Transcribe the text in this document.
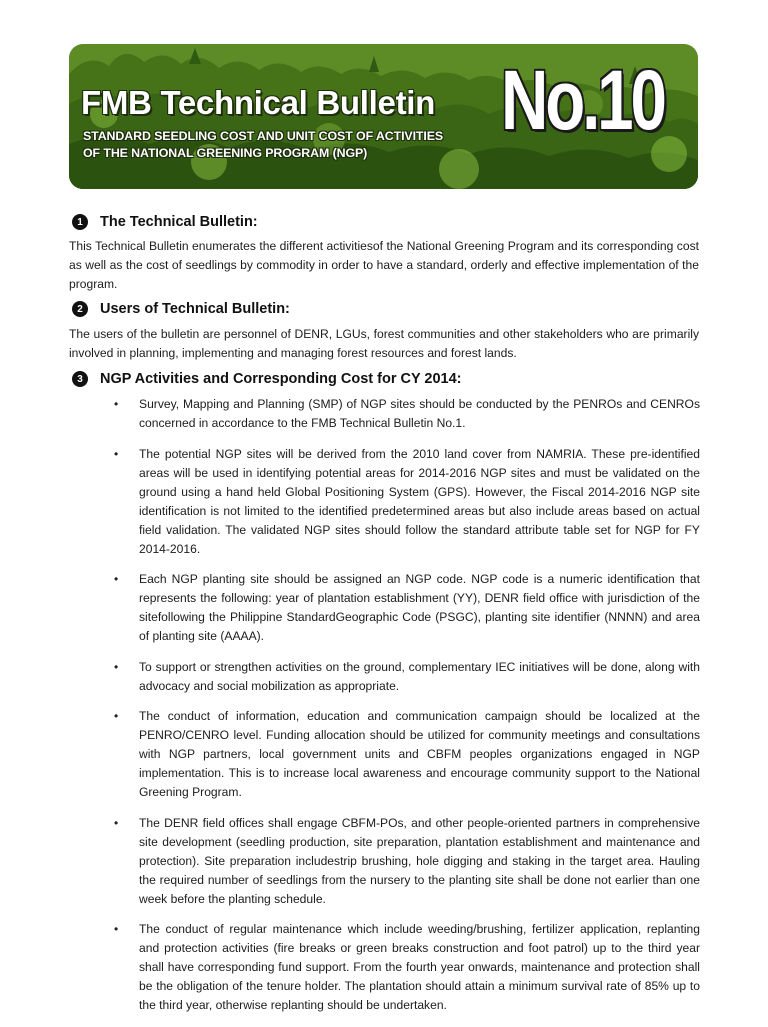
FMB Technical Bulletin
STANDARD SEEDLING COST AND UNIT COST OF ACTIVITIES
OF THE NATIONAL GREENING PROGRAM (NGP)
No.10
1	The Technical Bulletin:

This Technical Bulletin enumerates the different activitiesof the National Greening Program and its corresponding cost as well as the cost of seedlings by commodity in order to have a standard, orderly and effective implementation of the program.

2	Users of Technical Bulletin:

The users of the bulletin are personnel of DENR, LGUs, forest communities and other stakeholders who are primarily involved in planning, implementing and managing forest resources and forest lands.

3	NGP Activities and Corresponding Cost for CY 2014:
• Survey, Mapping and Planning (SMP) of NGP sites should be conducted by the PENROs and CENROs concerned in accordance to the FMB Technical Bulletin No.1.
• The potential NGP sites will be derived from the 2010 land cover from NAMRIA. These pre-identified areas will be used in identifying potential areas for 2014-2016 NGP sites and must be validated on the ground using a hand held Global Positioning System (GPS). However, the Fiscal 2014-2016 NGP site identification is not limited to the identified predetermined areas but also include areas based on actual field validation. The validated NGP sites should follow the standard attribute table set for NGP for FY 2014-2016.
• Each NGP planting site should be assigned an NGP code. NGP code is a numeric identification that represents the following: year of plantation establishment (YY), DENR field office with jurisdiction of the sitefollowing the Philippine StandardGeographic Code (PSGC), planting site identifier (NNNN) and area of planting site (AAAA).
• To support or strengthen activities on the ground, complementary IEC initiatives will be done, along with advocacy and social mobilization as appropriate.
• The conduct of information, education and communication campaign should be localized at the PENRO/CENRO level. Funding allocation should be utilized for community meetings and consultations with NGP partners, local government units and CBFM peoples organizations engaged in NGP implementation. This is to increase local awareness and encourage community support to the National Greening Program.
• The DENR field offices shall engage CBFM-POs, and other people-oriented partners in comprehensive site development (seedling production, site preparation, plantation establishment and maintenance and protection). Site preparation includestrip brushing, hole digging and staking in the target area. Hauling the required number of seedlings from the nursery to the planting site shall be done not earlier than one week before the planting schedule.
• The conduct of regular maintenance which include weeding/brushing, fertilizer application, replanting and protection activities (fire breaks or green breaks construction and foot patrol) up to the third year shall have corresponding fund support. From the fourth year onwards, maintenance and protection shall be the obligation of the tenure holder. The plantation should attain a minimum survival rate of 85% up to the third year, otherwise replanting should be undertaken.
